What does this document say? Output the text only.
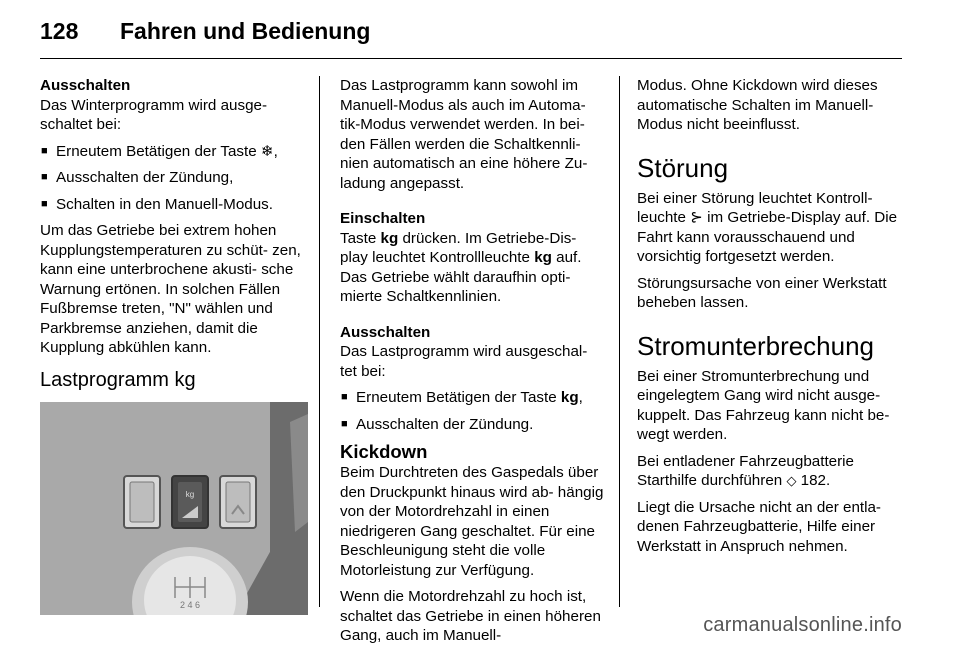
128 Fahren und Bedienung
Ausschalten

Das Winterprogramm wird ausge- schaltet bei:

■ Erneutem Betätigen der Taste ❄,
■ Ausschalten der Zündung,
■ Schalten in den Manuell-Modus.

Um das Getriebe bei extrem hohen Kupplungstemperaturen zu schüt- zen, kann eine unterbrochene akusti- sche Warnung ertönen. In solchen Fällen Fußbremse treten, "N" wählen und Parkbremse anziehen, damit die Kupplung abkühlen kann.

Lastprogramm kg
kg
2 4 6

Das Lastprogramm kann sowohl im Manuell-Modus als auch im Automa- tik-Modus verwendet werden. In bei- den Fällen werden die Schaltkennli- nien automatisch an eine höhere Zu- ladung angepasst.

Einschalten

Taste kg drücken. Im Getriebe-Dis- play leuchtet Kontrollleuchte kg auf. Das Getriebe wählt daraufhin opti- mierte Schaltkennlinien.

Ausschalten

Das Lastprogramm wird ausgeschal- tet bei:

■ Erneutem Betätigen der Taste kg,
■ Ausschalten der Zündung.
Kickdown

Beim Durchtreten des Gaspedals über den Druckpunkt hinaus wird ab- hängig von der Motordrehzahl in einen niedrigeren Gang geschaltet. Für eine Beschleunigung steht die volle Motorleistung zur Verfügung.

Wenn die Motordrehzahl zu hoch ist, schaltet das Getriebe in einen höheren Gang, auch im Manuell-

Modus. Ohne Kickdown wird dieses automatische Schalten im Manuell- Modus nicht beeinflusst.

Störung

Bei einer Störung leuchtet Kontroll- leuchte ⊱ im Getriebe-Display auf. Die Fahrt kann vorausschauend und vorsichtig fortgesetzt werden.

Störungsursache von einer Werkstatt beheben lassen.

Stromunterbrechung

Bei einer Stromunterbrechung und eingelegtem Gang wird nicht ausge- kuppelt. Das Fahrzeug kann nicht be- wegt werden.

Bei entladener Fahrzeugbatterie Starthilfe durchführen ◇ 182.

Liegt die Ursache nicht an der entla- denen Fahrzeugbatterie, Hilfe einer Werkstatt in Anspruch nehmen.

carmanualsonline.info
